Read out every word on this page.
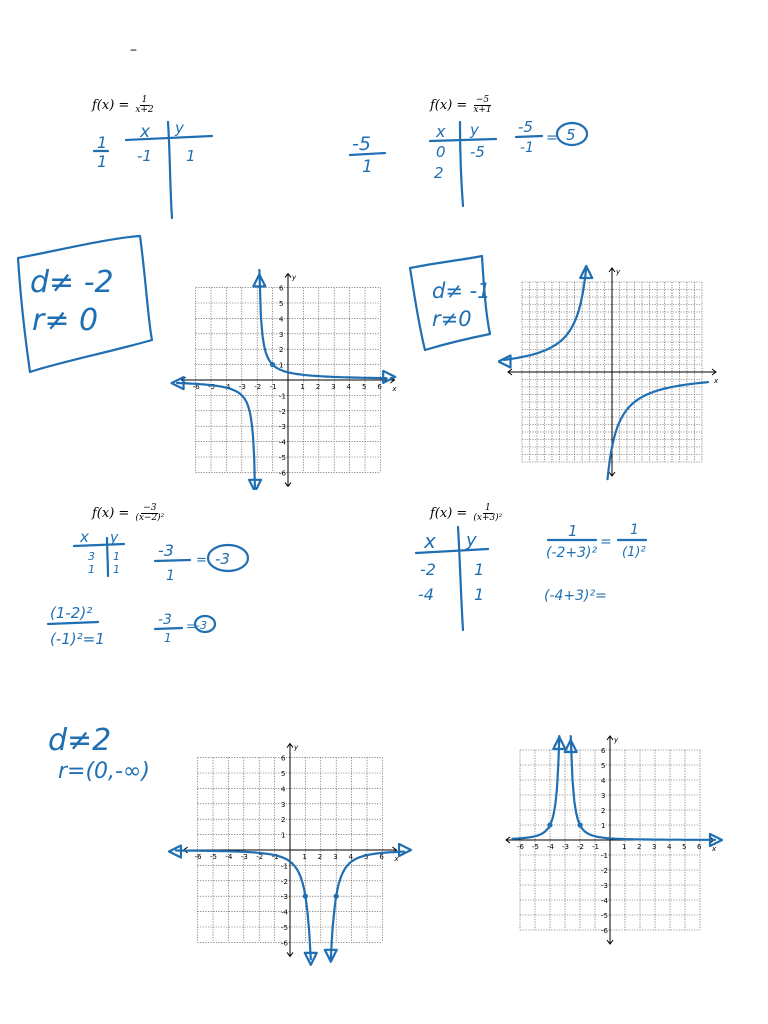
–
$f(x) = \frac{1}{x+2}$	$f(x) = \frac{-5}{x+1}$
$f(x) = \frac{-3}{\text{(x−2)²}}$	$f(x) = \frac{1}{\text{(x+3)²}}$
1
1
x y
-1 1
d≠ -2
r≠ 0
-5
1
x y
0 -5
2
-5
-1
= 5
d≠ -1
r≠0
x y
3 1
1 1
-3
1
= -3
(1-2)²
(-1)²=1
-3
1
= -3
d≠2
r=(0,-∞)
x y
-2 1
-4	1
1
(-2+3)²
=
1
(1)²
(-4+3)²=
x
y
-6
-6
-5
-5
-4
-4
-3
-3
-2
-2
-1
-1
1
1
2
2
3
3
4
4
5
5
6
6
x
y
x
y
-6
-6
-5
-5
-4
-4
-3
-3
-2
-2
-1
-1
1
1
2
2
3
3
4
4
5
5
6
6
x
y
-6
-6
-5
-5
-4
-4
-3
-3
-2
-2
-1
-1
1
1
2
2
3
3
4
4
5
5
6
6
